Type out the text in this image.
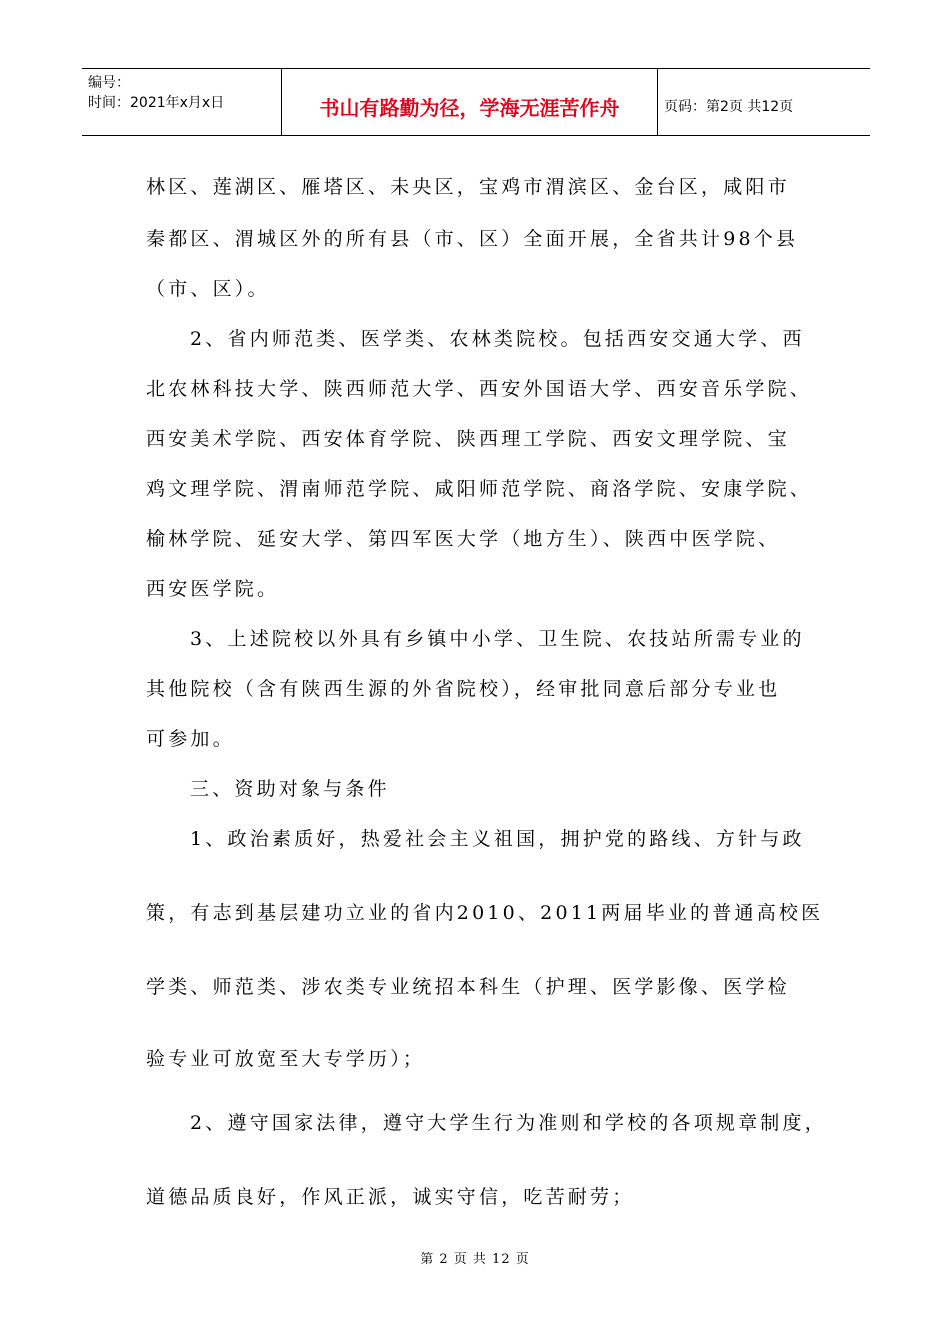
编号：
时间：2021年x月x日	书山有路勤为径，学海无涯苦作舟	页码：第2页 共12页
林区、莲湖区、雁塔区、未央区，宝鸡市渭滨区、金台区，咸阳市
秦都区、渭城区外的所有县（市、区）全面开展，全省共计98个县
（市、区）。
2、省内师范类、医学类、农林类院校。包括西安交通大学、西
北农林科技大学、陕西师范大学、西安外国语大学、西安音乐学院、
西安美术学院、西安体育学院、陕西理工学院、西安文理学院、宝
鸡文理学院、渭南师范学院、咸阳师范学院、商洛学院、安康学院、
榆林学院、延安大学、第四军医大学（地方生）、陕西中医学院、
西安医学院。
3、上述院校以外具有乡镇中小学、卫生院、农技站所需专业的
其他院校（含有陕西生源的外省院校），经审批同意后部分专业也
可参加。
三、资助对象与条件
1、政治素质好，热爱社会主义祖国，拥护党的路线、方针与政
策，有志到基层建功立业的省内2010、2011两届毕业的普通高校医
学类、师范类、涉农类专业统招本科生（护理、医学影像、医学检
验专业可放宽至大专学历）；
2、遵守国家法律，遵守大学生行为准则和学校的各项规章制度，
道德品质良好，作风正派，诚实守信，吃苦耐劳；
第 2 页 共 12 页
